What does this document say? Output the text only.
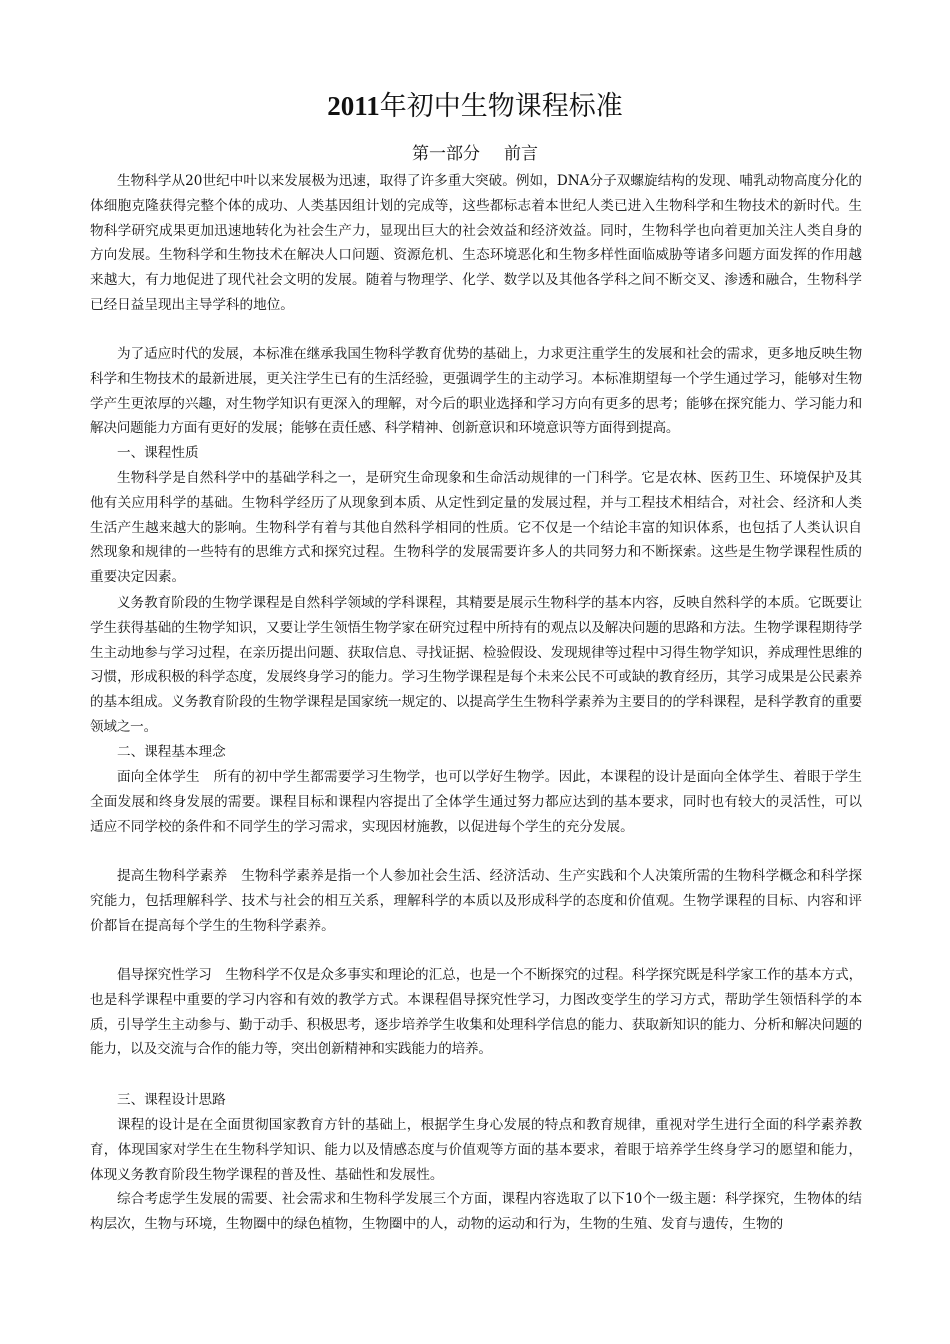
2011年初中生物课程标准

第一部分 前言

生物科学从20世纪中叶以来发展极为迅速，取得了许多重大突破。例如，DNA分子双螺旋结构的发现、哺乳动物高度分化的体细胞克隆获得完整个体的成功、人类基因组计划的完成等，这些都标志着本世纪人类已进入生物科学和生物技术的新时代。生物科学研究成果更加迅速地转化为社会生产力，显现出巨大的社会效益和经济效益。同时，生物科学也向着更加关注人类自身的方向发展。生物科学和生物技术在解决人口问题、资源危机、生态环境恶化和生物多样性面临威胁等诸多问题方面发挥的作用越来越大，有力地促进了现代社会文明的发展。随着与物理学、化学、数学以及其他各学科之间不断交叉、渗透和融合，生物科学已经日益呈现出主导学科的地位。

为了适应时代的发展，本标准在继承我国生物科学教育优势的基础上，力求更注重学生的发展和社会的需求，更多地反映生物科学和生物技术的最新进展，更关注学生已有的生活经验，更强调学生的主动学习。本标准期望每一个学生通过学习，能够对生物学产生更浓厚的兴趣，对生物学知识有更深入的理解，对今后的职业选择和学习方向有更多的思考；能够在探究能力、学习能力和解决问题能力方面有更好的发展；能够在责任感、科学精神、创新意识和环境意识等方面得到提高。

一、课程性质

生物科学是自然科学中的基础学科之一，是研究生命现象和生命活动规律的一门科学。它是农林、医药卫生、环境保护及其他有关应用科学的基础。生物科学经历了从现象到本质、从定性到定量的发展过程，并与工程技术相结合，对社会、经济和人类生活产生越来越大的影响。生物科学有着与其他自然科学相同的性质。它不仅是一个结论丰富的知识体系，也包括了人类认识自然现象和规律的一些特有的思维方式和探究过程。生物科学的发展需要许多人的共同努力和不断探索。这些是生物学课程性质的重要决定因素。

义务教育阶段的生物学课程是自然科学领域的学科课程，其精要是展示生物科学的基本内容，反映自然科学的本质。它既要让学生获得基础的生物学知识，又要让学生领悟生物学家在研究过程中所持有的观点以及解决问题的思路和方法。生物学课程期待学生主动地参与学习过程，在亲历提出问题、获取信息、寻找证据、检验假设、发现规律等过程中习得生物学知识，养成理性思维的习惯，形成积极的科学态度，发展终身学习的能力。学习生物学课程是每个未来公民不可或缺的教育经历，其学习成果是公民素养的基本组成。义务教育阶段的生物学课程是国家统一规定的、以提高学生生物科学素养为主要目的的学科课程，是科学教育的重要领域之一。

二、课程基本理念

面向全体学生　所有的初中学生都需要学习生物学，也可以学好生物学。因此，本课程的设计是面向全体学生、着眼于学生全面发展和终身发展的需要。课程目标和课程内容提出了全体学生通过努力都应达到的基本要求，同时也有较大的灵活性，可以适应不同学校的条件和不同学生的学习需求，实现因材施教，以促进每个学生的充分发展。

提高生物科学素养　生物科学素养是指一个人参加社会生活、经济活动、生产实践和个人决策所需的生物科学概念和科学探究能力，包括理解科学、技术与社会的相互关系，理解科学的本质以及形成科学的态度和价值观。生物学课程的目标、内容和评价都旨在提高每个学生的生物科学素养。

倡导探究性学习　生物科学不仅是众多事实和理论的汇总，也是一个不断探究的过程。科学探究既是科学家工作的基本方式，也是科学课程中重要的学习内容和有效的教学方式。本课程倡导探究性学习，力图改变学生的学习方式，帮助学生领悟科学的本质，引导学生主动参与、勤于动手、积极思考，逐步培养学生收集和处理科学信息的能力、获取新知识的能力、分析和解决问题的能力，以及交流与合作的能力等，突出创新精神和实践能力的培养。

三、课程设计思路

课程的设计是在全面贯彻国家教育方针的基础上，根据学生身心发展的特点和教育规律，重视对学生进行全面的科学素养教育，体现国家对学生在生物科学知识、能力以及情感态度与价值观等方面的基本要求，着眼于培养学生终身学习的愿望和能力，体现义务教育阶段生物学课程的普及性、基础性和发展性。

综合考虑学生发展的需要、社会需求和生物科学发展三个方面，课程内容选取了以下10个一级主题：科学探究，生物体的结构层次，生物与环境，生物圈中的绿色植物，生物圈中的人，动物的运动和行为，生物的生殖、发育与遗传，生物的
